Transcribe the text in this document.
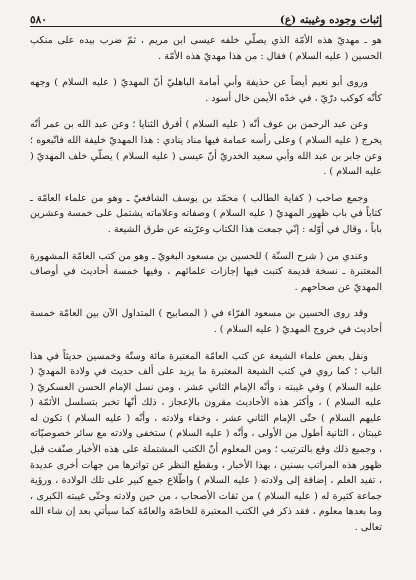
إثبات وجوده وغيبته (ع)
٥٨٠

هو ـ مهديّ هذه الأمّة الذي يصلّي خلفه عيسى ابن مريم ، ثمّ ضرب بيده على منكب الحسين ( عليه السلام ) فقال : من هذا مهديّ هذه الأمّة .

وروى أبو نعيم أيضاً عن حذيفة وأبي أمامة الباهليّ أنّ المهديّ ( عليه السلام ) وجهه كأنّه كوكب درّيّ ، في خدّه الأيمن خال أسود .

وعن عبد الرحمن بن عوف أنّه ( عليه السلام ) أفرق الثنايا ؛ وعن عبد الله بن عمر أنّه يخرج ( عليه السلام ) وعلى رأسه عمامة فيها مناد ينادي : هذا المهديّ خليفة الله فاتّبعوه ؛ وعن جابر بن عبد الله وأبي سعيد الخدريّ أنّ عيسى ( عليه السلام ) يصلّي خلف المهديّ ( عليه السلام ) .

وجمع صاحب ( كفاية الطالب ) محمّد بن يوسف الشافعيّ ـ وهو من علماء العامّة ـ كتاباً في باب ظهور المهديّ ( عليه السلام ) وصفاته وعلاماته يشتمل على خمسة وعشرين باباً ، وقال في أوّله : إنّي جمعت هذا الكتاب وعرّيته عن طرق الشيعة .

وعندي من ( شرح السنّة ) للحسين بن مسعود البغويّ ـ وهو من كتب العامّة المشهورة المعتبرة ـ نسخة قديمة كتبت فيها إجازات علمائهم ، وفيها خمسة أحاديث في أوصاف المهديّ عن صحاحهم .

وقد روى الحسين بن مسعود الفرّاء في ( المصابيح ) المتداول الآن بين العامّة خمسة أحاديث في خروج المهديّ ( عليه السلام ) .

ونقل بعض علماء الشيعة عن كتب العامّة المعتبرة مائة وستّة وخمسين حديثاً في هذا الباب ؛ كما روي في كتب الشيعة المعتبرة ما يزيد على ألف حديث في ولادة المهديّ ( عليه السلام ) وفي غيبته ، وأنّه الإمام الثاني عشر ، ومن نسل الإمام الحسن العسكريّ ( عليه السلام ) ، وأكثر هذه الأحاديث مقرون بالإعجاز ، ذلك أنّها تخبر بتسلسل الأئمّة ( عليهم السلام ) حتّى الإمام الثاني عشر ، وخفاء ولادته ، وأنّه ( عليه السلام ) تكون له غيبتان ، الثانية أطول من الأولى ، وأنّه ( عليه السلام ) ستخفى ولادته مع سائر خصوصيّاته ، وجميع ذلك وقع بالترتيب ؛ ومن المعلوم أنّ الكتب المشتملة على هذه الأخبار صنّفت قبل ظهور هذه المراتب بسنين ، بهذا الأخبار ، وبقطع النظر عن تواترها من جهات أخرى عديدة ، تفيد العلم ، إضافة إلى ولادته ( عليه السلام ) واطّلاع جمع كبير على تلك الولادة ، ورؤية جماعة كثيرة له ( عليه السلام ) من ثقات الأصحاب ، من حين ولادته وحتّى غيبته الكبرى ، وما بعدها معلوم ، فقد ذكر في الكتب المعتبرة للخاصّة والعامّة كما سيأتي بعد إن شاء الله تعالى .
